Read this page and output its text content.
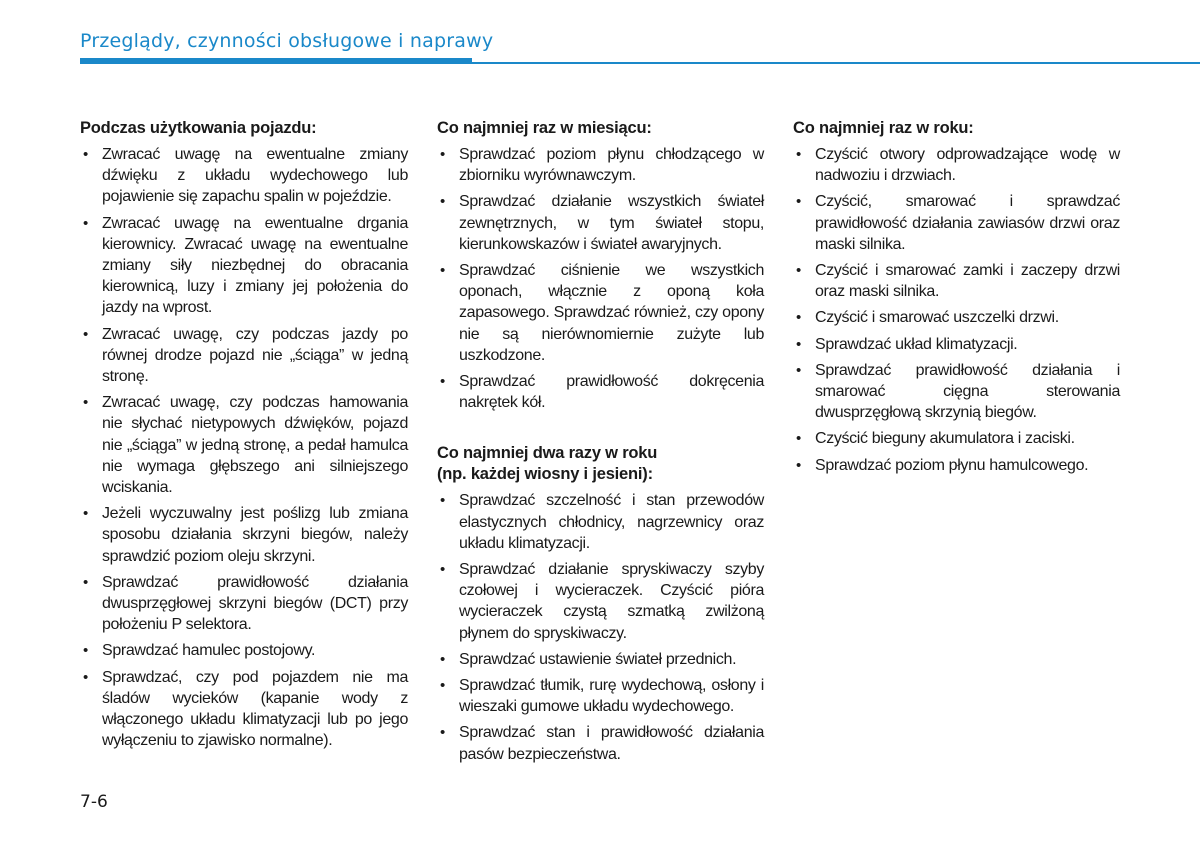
Przeglądy, czynności obsługowe i naprawy
Podczas użytkowania pojazdu:
• Zwracać uwagę na ewentualne zmiany dźwięku z układu wydechowego lub pojawienie się zapachu spalin w pojeździe.
• Zwracać uwagę na ewentualne drgania kierownicy. Zwracać uwagę na ewentualne zmiany siły niezbędnej do obracania kierownicą, luzy i zmiany jej położenia do jazdy na wprost.
• Zwracać uwagę, czy podczas jazdy po równej drodze pojazd nie „ściąga” w jedną stronę.
• Zwracać uwagę, czy podczas hamowania nie słychać nietypowych dźwięków, pojazd nie „ściąga” w jedną stronę, a pedał hamulca nie wymaga głębszego ani silniejszego wciskania.
• Jeżeli wyczuwalny jest poślizg lub zmiana sposobu działania skrzyni biegów, należy sprawdzić poziom oleju skrzyni.
• Sprawdzać prawidłowość działania dwusprzęgłowej skrzyni biegów (DCT) przy położeniu P selektora.
• Sprawdzać hamulec postojowy.
• Sprawdzać, czy pod pojazdem nie ma śladów wycieków (kapanie wody z włączonego układu klimatyzacji lub po jego wyłączeniu to zjawisko normalne).
Co najmniej raz w miesiącu:
• Sprawdzać poziom płynu chłodzącego w zbiorniku wyrównawczym.
• Sprawdzać działanie wszystkich świateł zewnętrznych, w tym świateł stopu, kierunkowskazów i świateł awaryjnych.
• Sprawdzać ciśnienie we wszystkich oponach, włącznie z oponą koła zapasowego. Sprawdzać również, czy opony nie są nierównomiernie zużyte lub uszkodzone.
• Sprawdzać prawidłowość dokręcenia nakrętek kół.
Co najmniej dwa razy w roku
(np. każdej wiosny i jesieni):
• Sprawdzać szczelność i stan przewodów elastycznych chłodnicy, nagrzewnicy oraz układu klimatyzacji.
• Sprawdzać działanie spryskiwaczy szyby czołowej i wycieraczek. Czyścić pióra wycieraczek czystą szmatką zwilżoną płynem do spryskiwaczy.
• Sprawdzać ustawienie świateł przednich.
• Sprawdzać tłumik, rurę wydechową, osłony i wieszaki gumowe układu wydechowego.
• Sprawdzać stan i prawidłowość działania pasów bezpieczeństwa.
Co najmniej raz w roku:
• Czyścić otwory odprowadzające wodę w nadwoziu i drzwiach.
• Czyścić, smarować i sprawdzać prawidłowość działania zawiasów drzwi oraz maski silnika.
• Czyścić i smarować zamki i zaczepy drzwi oraz maski silnika.
• Czyścić i smarować uszczelki drzwi.
• Sprawdzać układ klimatyzacji.
• Sprawdzać prawidłowość działania i smarować cięgna sterowania dwusprzęgłową skrzynią biegów.
• Czyścić bieguny akumulatora i zaciski.
• Sprawdzać poziom płynu hamulcowego.
7-6
